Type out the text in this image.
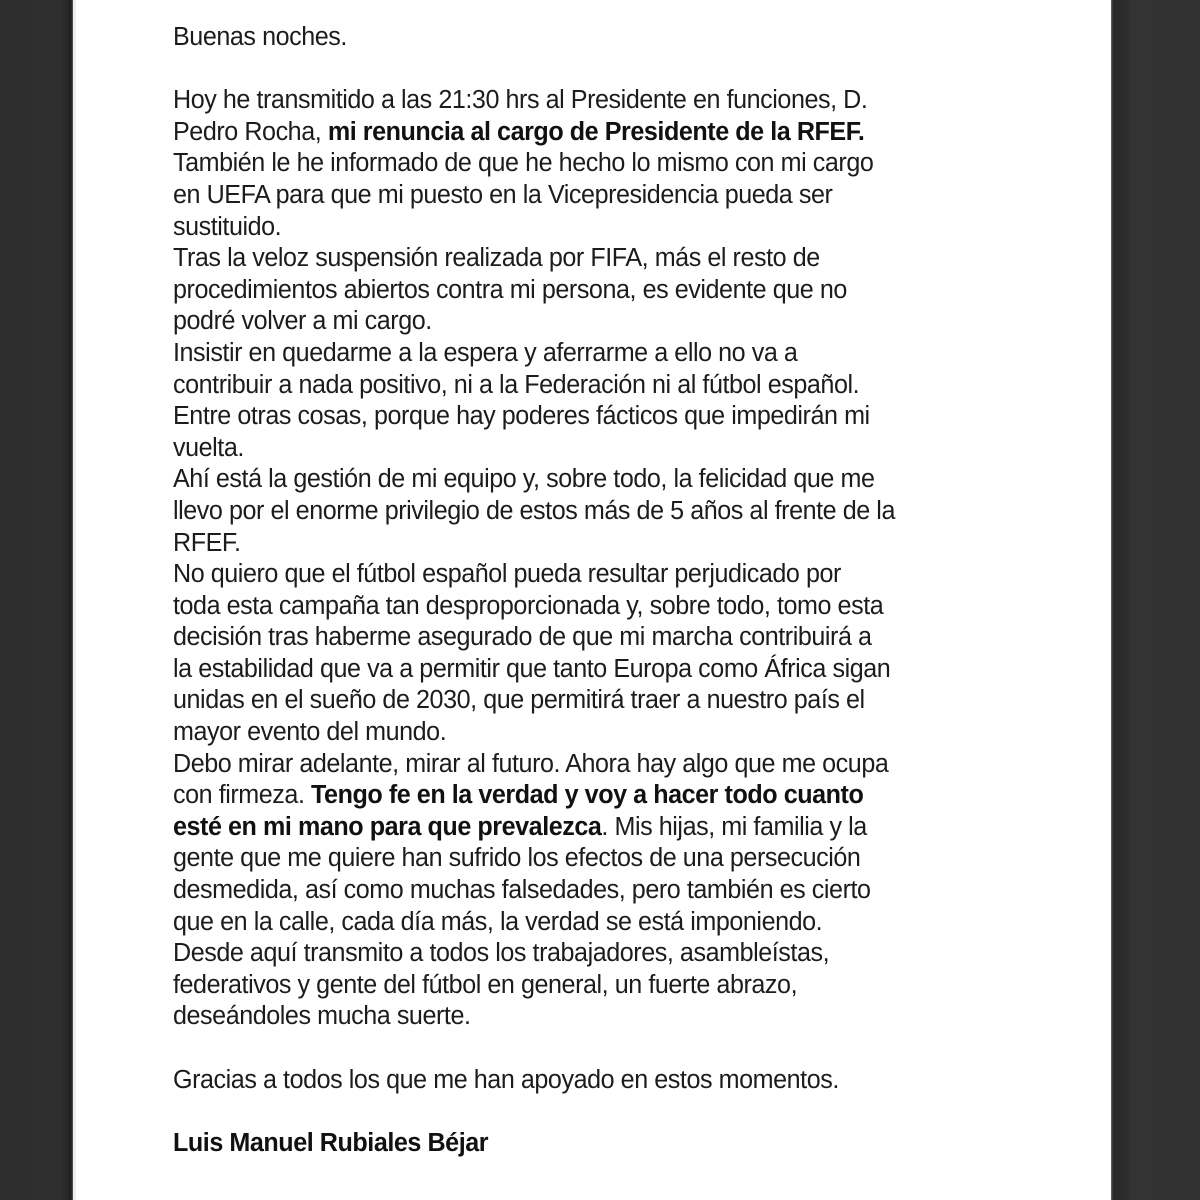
Buenas noches.

Hoy he transmitido a las 21:30 hrs al Presidente en funciones, D.
Pedro Rocha, mi renuncia al cargo de Presidente de la RFEF.
También le he informado de que he hecho lo mismo con mi cargo
en UEFA para que mi puesto en la Vicepresidencia pueda ser
sustituido.
Tras la veloz suspensión realizada por FIFA, más el resto de
procedimientos abiertos contra mi persona, es evidente que no
podré volver a mi cargo.
Insistir en quedarme a la espera y aferrarme a ello no va a
contribuir a nada positivo, ni a la Federación ni al fútbol español.
Entre otras cosas, porque hay poderes fácticos que impedirán mi
vuelta.
Ahí está la gestión de mi equipo y, sobre todo, la felicidad que me
llevo por el enorme privilegio de estos más de 5 años al frente de la
RFEF.
No quiero que el fútbol español pueda resultar perjudicado por
toda esta campaña tan desproporcionada y, sobre todo, tomo esta
decisión tras haberme asegurado de que mi marcha contribuirá a
la estabilidad que va a permitir que tanto Europa como África sigan
unidas en el sueño de 2030, que permitirá traer a nuestro país el
mayor evento del mundo.
Debo mirar adelante, mirar al futuro. Ahora hay algo que me ocupa
con firmeza. Tengo fe en la verdad y voy a hacer todo cuanto
esté en mi mano para que prevalezca. Mis hijas, mi familia y la
gente que me quiere han sufrido los efectos de una persecución
desmedida, así como muchas falsedades, pero también es cierto
que en la calle, cada día más, la verdad se está imponiendo.
Desde aquí transmito a todos los trabajadores, asambleístas,
federativos y gente del fútbol en general, un fuerte abrazo,
deseándoles mucha suerte.

Gracias a todos los que me han apoyado en estos momentos.

Luis Manuel Rubiales Béjar
